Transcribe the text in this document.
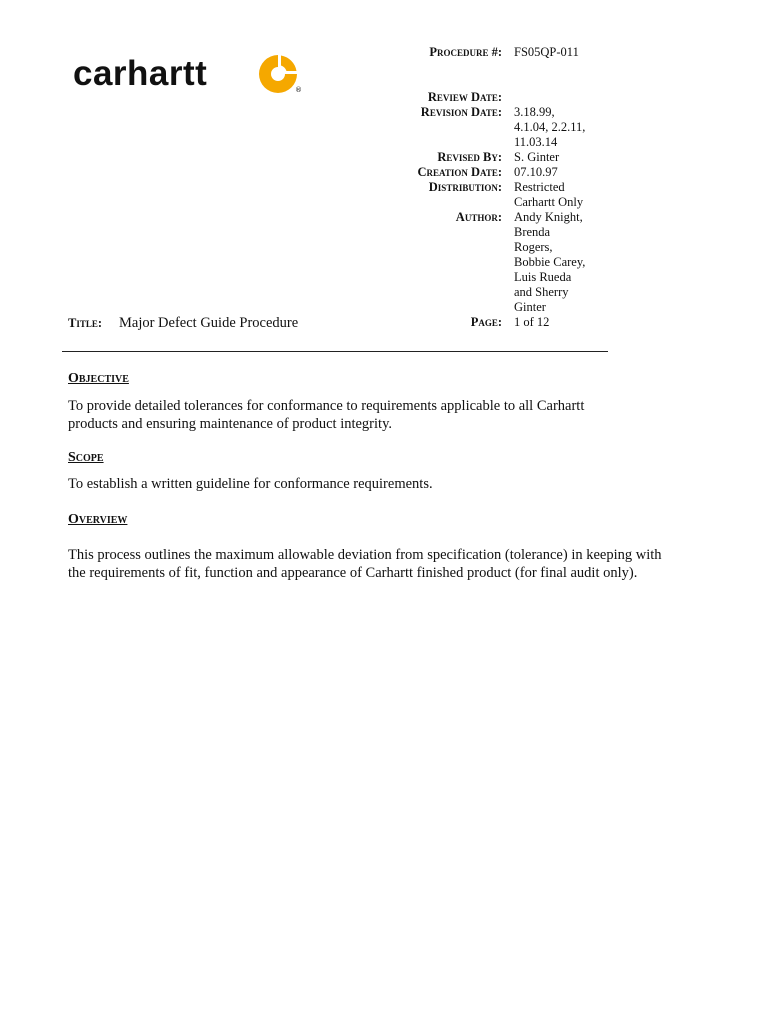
carhartt	®
Procedure #: FS05QP-011
Review Date:
Revision Date: 3.18.99, 4.1.04, 2.2.11, 11.03.14
Revised By: S. Ginter
Creation Date: 07.10.97
Distribution: Restricted Carhartt Only
Author: Andy Knight, Brenda Rogers, Bobbie Carey, Luis Rueda and Sherry Ginter
Title:	Major Defect Guide Procedure	Page: 1 of 12
Objective
To provide detailed tolerances for conformance to requirements applicable to all Carhartt products and ensuring maintenance of product integrity.
Scope
To establish a written guideline for conformance requirements.
Overview
This process outlines the maximum allowable deviation from specification (tolerance) in keeping with the requirements of fit, function and appearance of Carhartt finished product (for final audit only).
